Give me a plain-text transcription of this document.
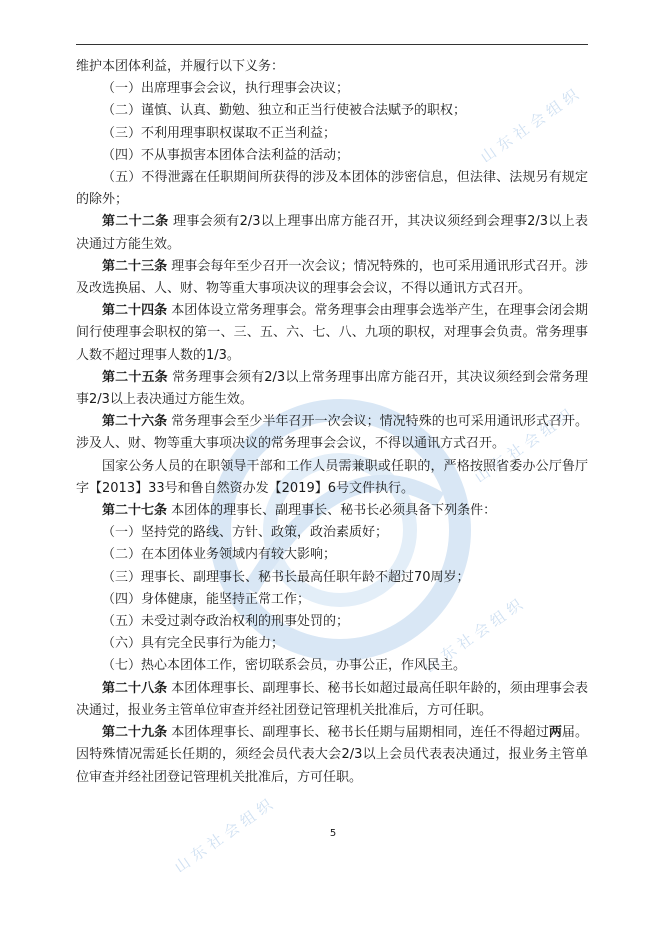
山东社会组织
山东社会组织
山东社会组织
山东社会组织

维护本团体利益，并履行以下义务：

（一）出席理事会会议，执行理事会决议；

（二）谨慎、认真、勤勉、独立和正当行使被合法赋予的职权；

（三）不利用理事职权谋取不正当利益；

（四）不从事损害本团体合法利益的活动；

（五）不得泄露在任职期间所获得的涉及本团体的涉密信息，但法律、法规另有规定的除外；

第二十二条 理事会须有2/3以上理事出席方能召开，其决议须经到会理事2/3以上表决通过方能生效。

第二十三条 理事会每年至少召开一次会议；情况特殊的，也可采用通讯形式召开。涉及改选换届、人、财、物等重大事项决议的理事会会议，不得以通讯方式召开。

第二十四条 本团体设立常务理事会。常务理事会由理事会选举产生，在理事会闭会期间行使理事会职权的第一、三、五、六、七、八、九项的职权，对理事会负责。常务理事人数不超过理事人数的1/3。

第二十五条 常务理事会须有2/3以上常务理事出席方能召开，其决议须经到会常务理事2/3以上表决通过方能生效。

第二十六条 常务理事会至少半年召开一次会议；情况特殊的也可采用通讯形式召开。涉及人、财、物等重大事项决议的常务理事会会议，不得以通讯方式召开。

国家公务人员的在职领导干部和工作人员需兼职或任职的，严格按照省委办公厅鲁厅字【2013】33号和鲁自然资办发【2019】6号文件执行。

第二十七条 本团体的理事长、副理事长、秘书长必须具备下列条件：

（一）坚持党的路线、方针、政策，政治素质好；

（二）在本团体业务领域内有较大影响；

（三）理事长、副理事长、秘书长最高任职年龄不超过70周岁；

（四）身体健康，能坚持正常工作；

（五）未受过剥夺政治权利的刑事处罚的；

（六）具有完全民事行为能力；

（七）热心本团体工作，密切联系会员，办事公正，作风民主。

第二十八条 本团体理事长、副理事长、秘书长如超过最高任职年龄的，须由理事会表决通过，报业务主管单位审查并经社团登记管理机关批准后，方可任职。

第二十九条 本团体理事长、副理事长、秘书长任期与届期相同，连任不得超过两届。因特殊情况需延长任期的，须经会员代表大会2/3以上会员代表表决通过，报业务主管单位审查并经社团登记管理机关批准后，方可任职。

5
